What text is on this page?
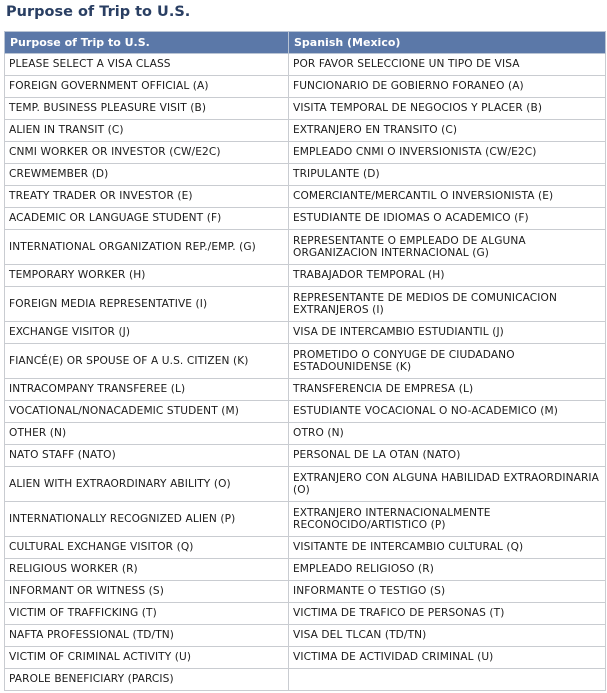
Purpose of Trip to U.S.
Purpose of Trip to U.S.	Spanish (Mexico)
PLEASE SELECT A VISA CLASS	POR FAVOR SELECCIONE UN TIPO DE VISA
FOREIGN GOVERNMENT OFFICIAL (A)	FUNCIONARIO DE GOBIERNO FORANEO (A)
TEMP. BUSINESS PLEASURE VISIT (B)	VISITA TEMPORAL DE NEGOCIOS Y PLACER (B)
ALIEN IN TRANSIT (C)	EXTRANJERO EN TRANSITO (C)
CNMI WORKER OR INVESTOR (CW/E2C)	EMPLEADO CNMI O INVERSIONISTA (CW/E2C)
CREWMEMBER (D)	TRIPULANTE (D)
TREATY TRADER OR INVESTOR (E)	COMERCIANTE/MERCANTIL O INVERSIONISTA (E)
ACADEMIC OR LANGUAGE STUDENT (F)	ESTUDIANTE DE IDIOMAS O ACADEMICO (F)
INTERNATIONAL ORGANIZATION REP./EMP. (G)	REPRESENTANTE O EMPLEADO DE ALGUNA ORGANIZACION INTERNACIONAL (G)
TEMPORARY WORKER (H)	TRABAJADOR TEMPORAL (H)
FOREIGN MEDIA REPRESENTATIVE (I)	REPRESENTANTE DE MEDIOS DE COMUNICACION EXTRANJEROS (I)
EXCHANGE VISITOR (J)	VISA DE INTERCAMBIO ESTUDIANTIL (J)
FIANCÉ(E) OR SPOUSE OF A U.S. CITIZEN (K)	PROMETIDO O CONYUGE DE CIUDADANO ESTADOUNIDENSE (K)
INTRACOMPANY TRANSFEREE (L)	TRANSFERENCIA DE EMPRESA (L)
VOCATIONAL/NONACADEMIC STUDENT (M)	ESTUDIANTE VOCACIONAL O NO-ACADEMICO (M)
OTHER (N)	OTRO (N)
NATO STAFF (NATO)	PERSONAL DE LA OTAN (NATO)
ALIEN WITH EXTRAORDINARY ABILITY (O)	EXTRANJERO CON ALGUNA HABILIDAD EXTRAORDINARIA (O)
INTERNATIONALLY RECOGNIZED ALIEN (P)	EXTRANJERO INTERNACIONALMENTE RECONOCIDO/ARTISTICO (P)
CULTURAL EXCHANGE VISITOR (Q)	VISITANTE DE INTERCAMBIO CULTURAL (Q)
RELIGIOUS WORKER (R)	EMPLEADO RELIGIOSO (R)
INFORMANT OR WITNESS (S)	INFORMANTE O TESTIGO (S)
VICTIM OF TRAFFICKING (T)	VICTIMA DE TRAFICO DE PERSONAS (T)
NAFTA PROFESSIONAL (TD/TN)	VISA DEL TLCAN (TD/TN)
VICTIM OF CRIMINAL ACTIVITY (U)	VICTIMA DE ACTIVIDAD CRIMINAL (U)
PAROLE BENEFICIARY (PARCIS)	
